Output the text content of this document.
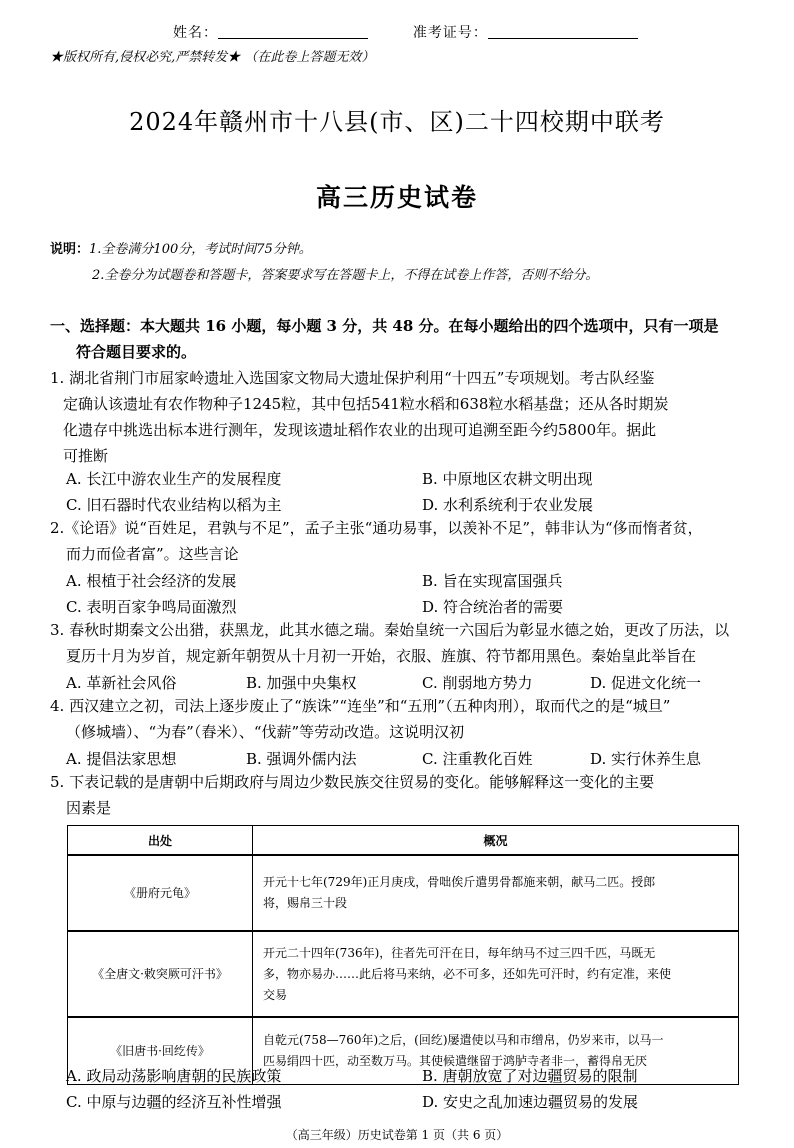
姓名：	准考证号：
★版权所有,侵权必究,严禁转发★ （在此卷上答题无效）
2024年赣州市十八县(市、区)二十四校期中联考
高三历史试卷
说明：1.全卷满分100分，考试时间75分钟。
2.全卷分为试题卷和答题卡，答案要求写在答题卡上，不得在试卷上作答，否则不给分。
一、选择题：本大题共 16 小题，每小题 3 分，共 48 分。在每小题给出的四个选项中，只有一项是
符合题目要求的。
1. 湖北省荆门市屈家岭遗址入选国家文物局大遗址保护利用“十四五”专项规划。考古队经鉴
定确认该遗址有农作物种子1245粒，其中包括541粒水稻和638粒水稻基盘；还从各时期炭
化遗存中挑选出标本进行测年，发现该遗址稻作农业的出现可追溯至距今约5800年。据此
可推断
A. 长江中游农业生产的发展程度	B. 中原地区农耕文明出现
C. 旧石器时代农业结构以稻为主	D. 水利系统利于农业发展
2.《论语》说“百姓足，君孰与不足”，孟子主张“通功易事，以羡补不足”，韩非认为“侈而惰者贫，
而力而俭者富”。这些言论
A. 根植于社会经济的发展	B. 旨在实现富国强兵
C. 表明百家争鸣局面激烈	D. 符合统治者的需要
3. 春秋时期秦文公出猎，获黑龙，此其水德之瑞。秦始皇统一六国后为彰显水德之始，更改了历法，以
夏历十月为岁首，规定新年朝贺从十月初一开始，衣服、旌旗、符节都用黑色。秦始皇此举旨在
A. 革新社会风俗	B. 加强中央集权	C. 削弱地方势力	D. 促进文化统一
4. 西汉建立之初，司法上逐步废止了“族诛”“连坐”和“五刑”（五种肉刑），取而代之的是“城旦”
（修城墙）、“为春”（舂米）、“伐薪”等劳动改造。这说明汉初
A. 提倡法家思想	B. 强调外儒内法	C. 注重教化百姓	D. 实行休养生息
5. 下表记载的是唐朝中后期政府与周边少数民族交往贸易的变化。能够解释这一变化的主要
因素是
出处	概况
《册府元龟》	开元十七年(729年)正月庚戌，骨咄俟斤遣男骨都施来朝，献马二匹。授郎
将，赐帛三十段

《全唐文·敕突厥可汗书》	开元二十四年(736年)，往者先可汗在日，每年纳马不过三四千匹，马既无
多，物亦易办……此后将马来纳，必不可多，还如先可汗时，约有定准，来使
交易

《旧唐书·回纥传》	自乾元(758—760年)之后，(回纥)屡遣使以马和市缯帛，仍岁来市，以马一
匹易绢四十匹，动至数万马。其使候遣继留于鸿胪寺者非一，蓄得帛无厌
A. 政局动荡影响唐朝的民族政策	B. 唐朝放宽了对边疆贸易的限制
C. 中原与边疆的经济互补性增强	D. 安史之乱加速边疆贸易的发展
（高三年级）历史试卷第 1 页（共 6 页）
